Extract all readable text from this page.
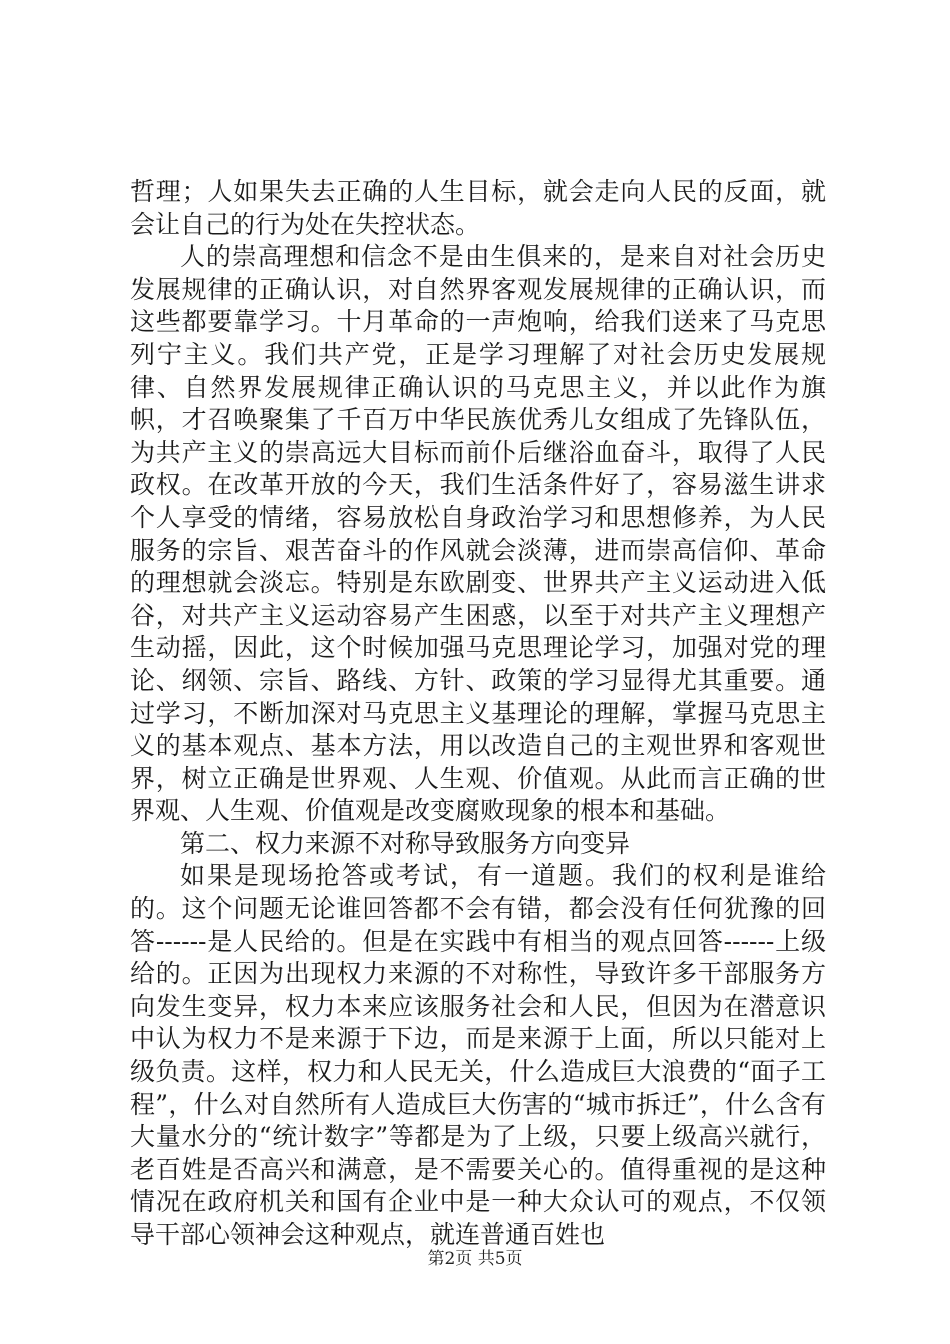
哲理；人如果失去正确的人生目标，就会走向人民的反面，就会让自己的行为处在失控状态。

人的崇高理想和信念不是由生俱来的，是来自对社会历史发展规律的正确认识，对自然界客观发展规律的正确认识，而这些都要靠学习。十月革命的一声炮响，给我们送来了马克思列宁主义。我们共产党，正是学习理解了对社会历史发展规律、自然界发展规律正确认识的马克思主义，并以此作为旗帜，才召唤聚集了千百万中华民族优秀儿女组成了先锋队伍，为共产主义的崇高远大目标而前仆后继浴血奋斗，取得了人民政权。在改革开放的今天，我们生活条件好了，容易滋生讲求个人享受的情绪，容易放松自身政治学习和思想修养，为人民服务的宗旨、艰苦奋斗的作风就会淡薄，进而崇高信仰、革命的理想就会淡忘。特别是东欧剧变、世界共产主义运动进入低谷，对共产主义运动容易产生困惑，以至于对共产主义理想产生动摇，因此，这个时候加强马克思理论学习，加强对党的理论、纲领、宗旨、路线、方针、政策的学习显得尤其重要。通过学习，不断加深对马克思主义基理论的理解，掌握马克思主义的基本观点、基本方法，用以改造自己的主观世界和客观世界，树立正确是世界观、人生观、价值观。从此而言正确的世界观、人生观、价值观是改变腐败现象的根本和基础。

第二、权力来源不对称导致服务方向变异

如果是现场抢答或考试，有一道题。我们的权利是谁给的。这个问题无论谁回答都不会有错，都会没有任何犹豫的回答------是人民给的。但是在实践中有相当的观点回答------上级给的。正因为出现权力来源的不对称性，导致许多干部服务方向发生变异，权力本来应该服务社会和人民，但因为在潜意识中认为权力不是来源于下边，而是来源于上面，所以只能对上级负责。这样，权力和人民无关，什么造成巨大浪费的“面子工程”，什么对自然所有人造成巨大伤害的“城市拆迁”，什么含有大量水分的“统计数字”等都是为了上级，只要上级高兴就行，老百姓是否高兴和满意，是不需要关心的。值得重视的是这种情况在政府机关和国有企业中是一种大众认可的观点，不仅领导干部心领神会这种观点，就连普通百姓也

第2页 共5页
